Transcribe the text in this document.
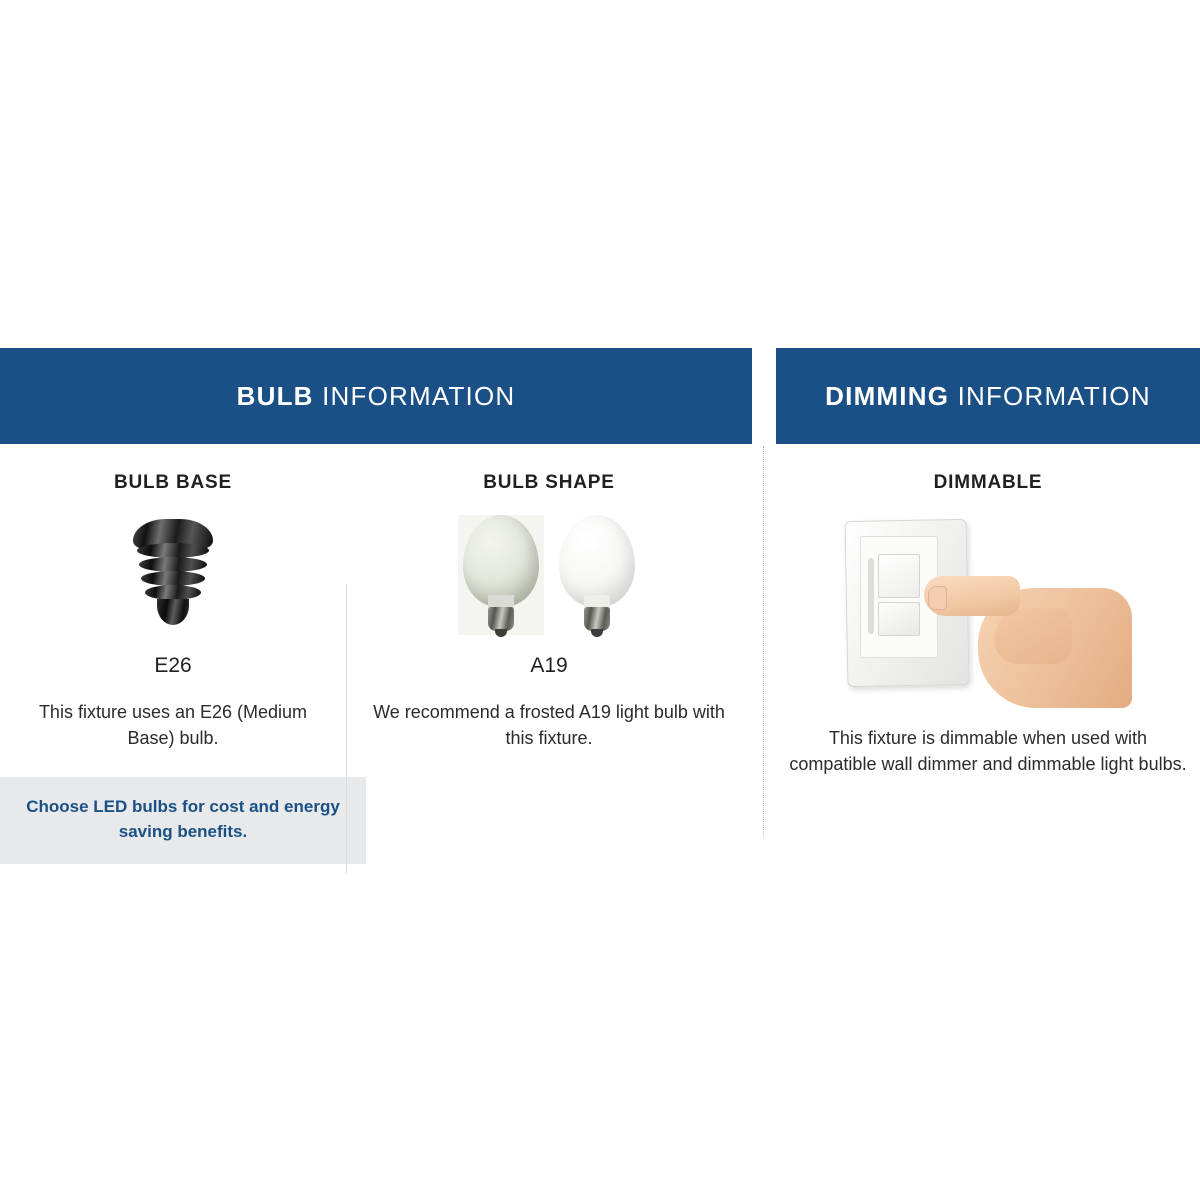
BULB INFORMATION
BULB BASE
E26
This fixture uses an E26 (Medium Base) bulb.
BULB SHAPE
A19
We recommend a frosted A19 light bulb with this fixture.
Choose LED bulbs for cost and energy saving benefits.
DIMMING INFORMATION
DIMMABLE
This fixture is dimmable when used with compatible wall dimmer and dimmable light bulbs.
